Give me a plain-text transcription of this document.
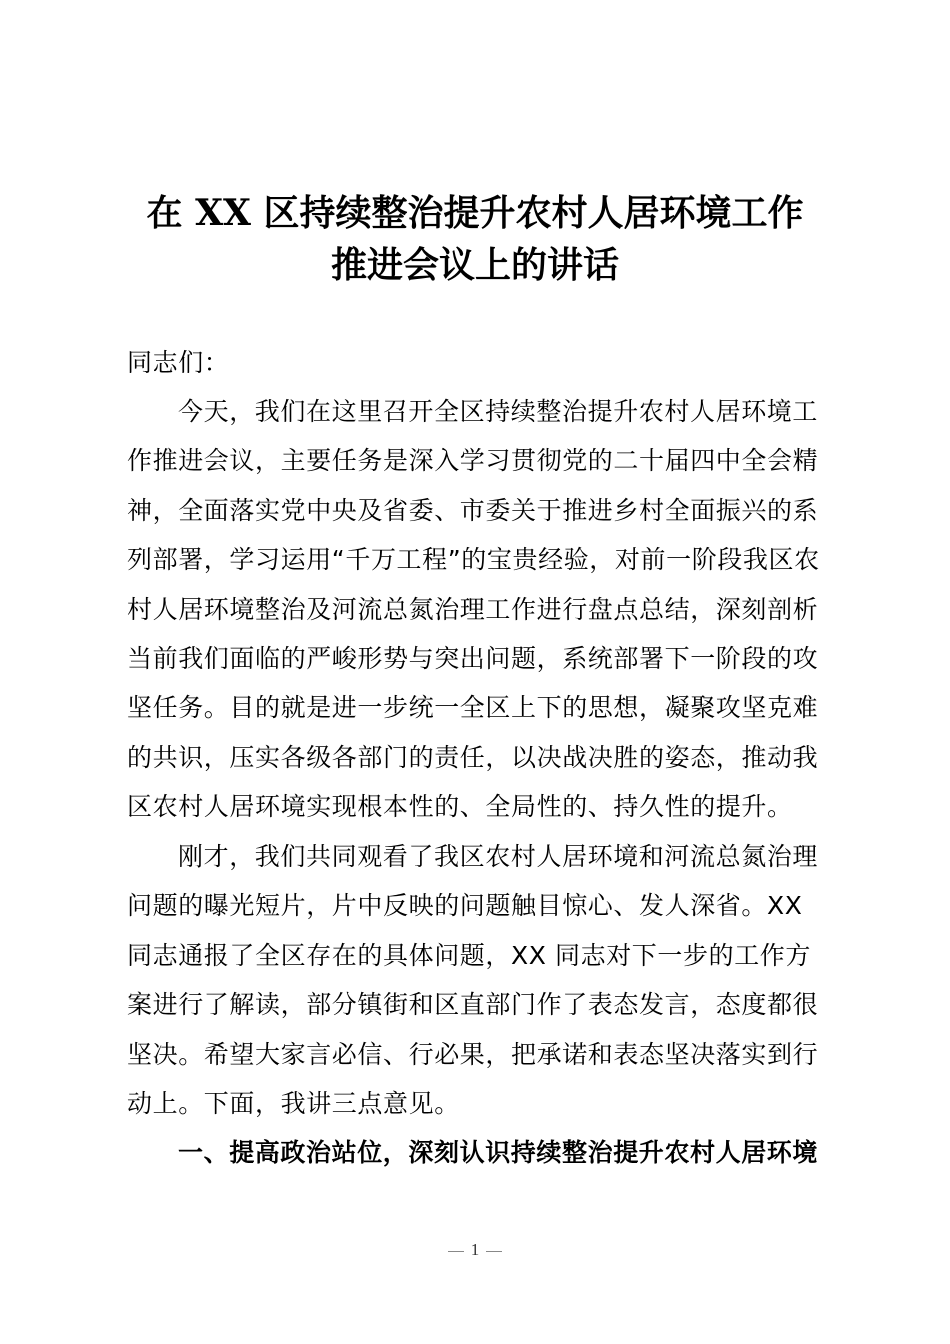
在 XX 区持续整治提升农村人居环境工作
推进会议上的讲话
同志们：
今天，我们在这里召开全区持续整治提升农村人居环境工
作推进会议，主要任务是深入学习贯彻党的二十届四中全会精
神，全面落实党中央及省委、市委关于推进乡村全面振兴的系
列部署，学习运用“千万工程”的宝贵经验，对前一阶段我区农
村人居环境整治及河流总氮治理工作进行盘点总结，深刻剖析
当前我们面临的严峻形势与突出问题，系统部署下一阶段的攻
坚任务。目的就是进一步统一全区上下的思想，凝聚攻坚克难
的共识，压实各级各部门的责任，以决战决胜的姿态，推动我
区农村人居环境实现根本性的、全局性的、持久性的提升。
刚才，我们共同观看了我区农村人居环境和河流总氮治理
问题的曝光短片，片中反映的问题触目惊心、发人深省。XX
同志通报了全区存在的具体问题，XX 同志对下一步的工作方
案进行了解读，部分镇街和区直部门作了表态发言，态度都很
坚决。希望大家言必信、行必果，把承诺和表态坚决落实到行
动上。下面，我讲三点意见。
一、提高政治站位，深刻认识持续整治提升农村人居环境
1
